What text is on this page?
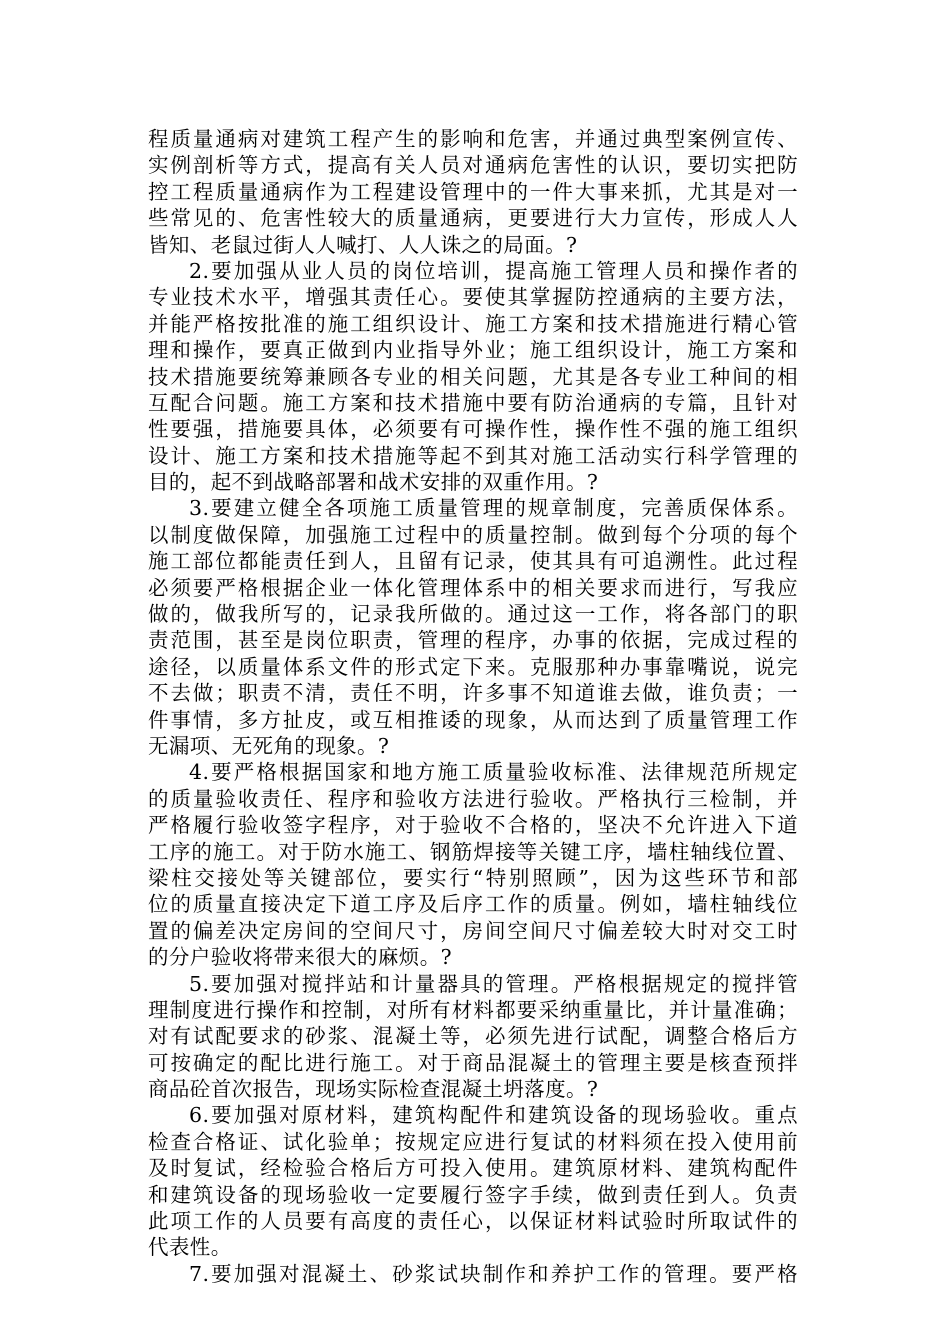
程质量通病对建筑工程产生的影响和危害，并通过典型案例宣传、
实例剖析等方式，提高有关人员对通病危害性的认识，要切实把防
控工程质量通病作为工程建设管理中的一件大事来抓，尤其是对一
些常见的、危害性较大的质量通病，更要进行大力宣传，形成人人
皆知、老鼠过街人人喊打、人人诛之的局面。?
2.要加强从业人员的岗位培训，提高施工管理人员和操作者的
专业技术水平，增强其责任心。要使其掌握防控通病的主要方法，
并能严格按批准的施工组织设计、施工方案和技术措施进行精心管
理和操作，要真正做到内业指导外业；施工组织设计，施工方案和
技术措施要统筹兼顾各专业的相关问题，尤其是各专业工种间的相
互配合问题。施工方案和技术措施中要有防治通病的专篇，且针对
性要强，措施要具体，必须要有可操作性，操作性不强的施工组织
设计、施工方案和技术措施等起不到其对施工活动实行科学管理的
目的，起不到战略部署和战术安排的双重作用。?
3.要建立健全各项施工质量管理的规章制度，完善质保体系。
以制度做保障，加强施工过程中的质量控制。做到每个分项的每个
施工部位都能责任到人，且留有记录，使其具有可追溯性。此过程
必须要严格根据企业一体化管理体系中的相关要求而进行，写我应
做的，做我所写的，记录我所做的。通过这一工作，将各部门的职
责范围，甚至是岗位职责，管理的程序，办事的依据，完成过程的
途径，以质量体系文件的形式定下来。克服那种办事靠嘴说，说完
不去做；职责不清，责任不明，许多事不知道谁去做，谁负责；一
件事情，多方扯皮，或互相推诿的现象，从而达到了质量管理工作
无漏项、无死角的现象。?
4.要严格根据国家和地方施工质量验收标准、法律规范所规定
的质量验收责任、程序和验收方法进行验收。严格执行三检制，并
严格履行验收签字程序，对于验收不合格的，坚决不允许进入下道
工序的施工。对于防水施工、钢筋焊接等关键工序，墙柱轴线位置、
梁柱交接处等关键部位，要实行“特别照顾”，因为这些环节和部
位的质量直接决定下道工序及后序工作的质量。例如，墙柱轴线位
置的偏差决定房间的空间尺寸，房间空间尺寸偏差较大时对交工时
的分户验收将带来很大的麻烦。?
5.要加强对搅拌站和计量器具的管理。严格根据规定的搅拌管
理制度进行操作和控制，对所有材料都要采纳重量比，并计量准确；
对有试配要求的砂浆、混凝土等，必须先进行试配，调整合格后方
可按确定的配比进行施工。对于商品混凝土的管理主要是核查预拌
商品砼首次报告，现场实际检查混凝土坍落度。?
6.要加强对原材料，建筑构配件和建筑设备的现场验收。重点
检查合格证、试化验单；按规定应进行复试的材料须在投入使用前
及时复试，经检验合格后方可投入使用。建筑原材料、建筑构配件
和建筑设备的现场验收一定要履行签字手续，做到责任到人。负责
此项工作的人员要有高度的责任心，以保证材料试验时所取试件的
代表性。
7.要加强对混凝土、砂浆试块制作和养护工作的管理。要严格
